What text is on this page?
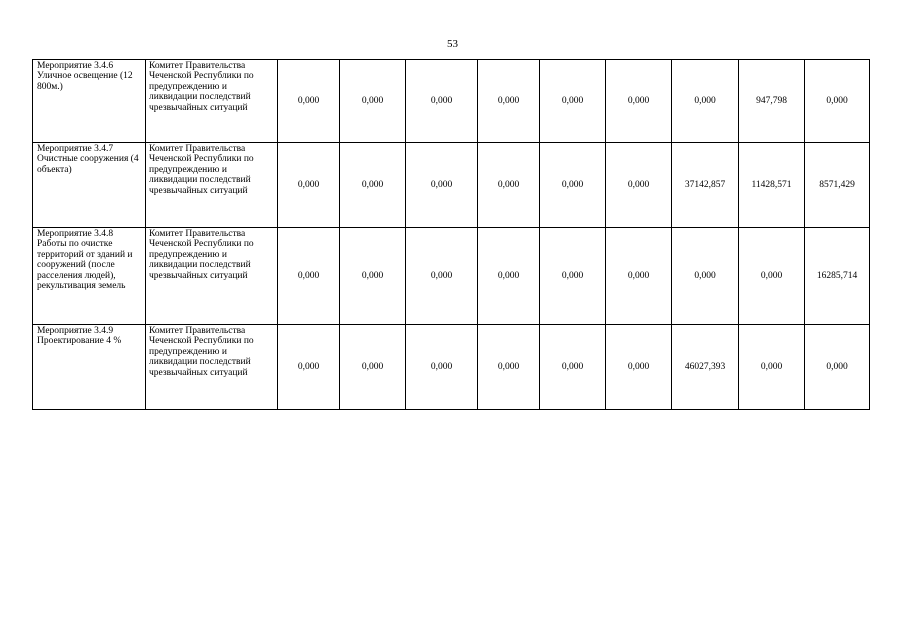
53
Мероприятие 3.4.6 Уличное освещение (12 800м.)	Комитет Правительства Чеченской Республики по предупреждению и ликвидации последствий чрезвычайных ситуаций	0,000	0,000	0,000	0,000	0,000	0,000	0,000	947,798	0,000

Мероприятие 3.4.7 Очистные сооружения (4 объекта)	Комитет Правительства Чеченской Республики по предупреждению и ликвидации последствий чрезвычайных ситуаций	0,000	0,000	0,000	0,000	0,000	0,000	37142,857	11428,571	8571,429

Мероприятие 3.4.8 Работы по очистке территорий от зданий и сооружений (после расселения людей), рекультивация земель	Комитет Правительства Чеченской Республики по предупреждению и ликвидации последствий чрезвычайных ситуаций	0,000	0,000	0,000	0,000	0,000	0,000	0,000	0,000	16285,714

Мероприятие 3.4.9 Проектирование 4 %	Комитет Правительства Чеченской Республики по предупреждению и ликвидации последствий чрезвычайных ситуаций	0,000	0,000	0,000	0,000	0,000	0,000	46027,393	0,000	0,000
